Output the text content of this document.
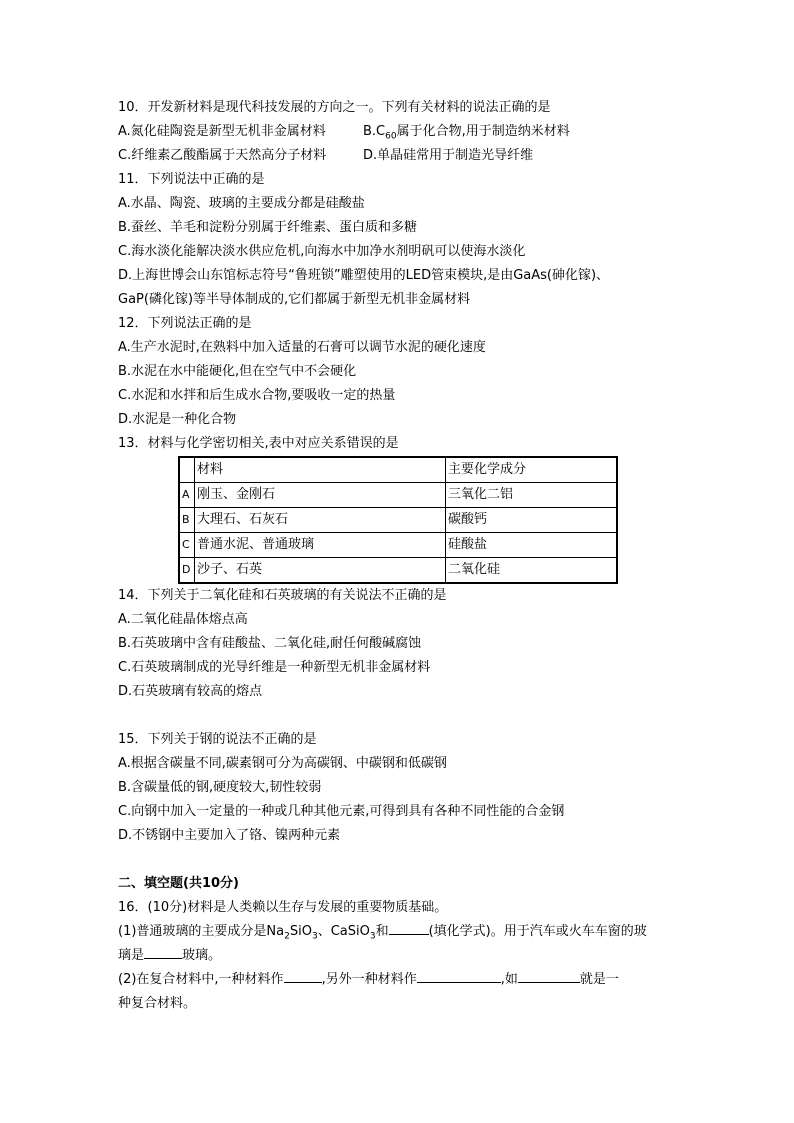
10．开发新材料是现代科技发展的方向之一。下列有关材料的说法正确的是
A.氮化硅陶瓷是新型无机非金属材料	$B.C_{60}$属于化合物,用于制造纳米材料
C.纤维素乙酸酯属于天然高分子材料	D.单晶硅常用于制造光导纤维
11．下列说法中正确的是
A.水晶、陶瓷、玻璃的主要成分都是硅酸盐
B.蚕丝、羊毛和淀粉分别属于纤维素、蛋白质和多糖
C.海水淡化能解决淡水供应危机,向海水中加净水剂明矾可以使海水淡化
D.上海世博会山东馆标志符号“鲁班锁”雕塑使用的LED管束模块,是由GaAs(砷化镓)、
GaP(磷化镓)等半导体制成的,它们都属于新型无机非金属材料
12．下列说法正确的是
A.生产水泥时,在熟料中加入适量的石膏可以调节水泥的硬化速度
B.水泥在水中能硬化,但在空气中不会硬化
C.水泥和水拌和后生成水合物,要吸收一定的热量
D.水泥是一种化合物
13．材料与化学密切相关,表中对应关系错误的是
	材料	主要化学成分
A	刚玉、金刚石	三氧化二铝
B	大理石、石灰石	碳酸钙
C	普通水泥、普通玻璃	硅酸盐
D	沙子、石英	二氧化硅
14．下列关于二氧化硅和石英玻璃的有关说法不正确的是
A.二氧化硅晶体熔点高
B.石英玻璃中含有硅酸盐、二氧化硅,耐任何酸碱腐蚀
C.石英玻璃制成的光导纤维是一种新型无机非金属材料
D.石英玻璃有较高的熔点
15．下列关于钢的说法不正确的是
A.根据含碳量不同,碳素钢可分为高碳钢、中碳钢和低碳钢
B.含碳量低的钢,硬度较大,韧性较弱
C.向钢中加入一定量的一种或几种其他元素,可得到具有各种不同性能的合金钢
D.不锈钢中主要加入了铬、镍两种元素
二、填空题(共10分)
16．(10分)材料是人类赖以生存与发展的重要物质基础。
(1)普通玻璃的主要成分是$Na_2SiO_3$、CaSiO$_3$和	(填化学式)。用于汽车或火车车窗的玻
璃是	玻璃。
(2)在复合材料中,一种材料作	,另外一种材料作	,如	就是一
种复合材料。
